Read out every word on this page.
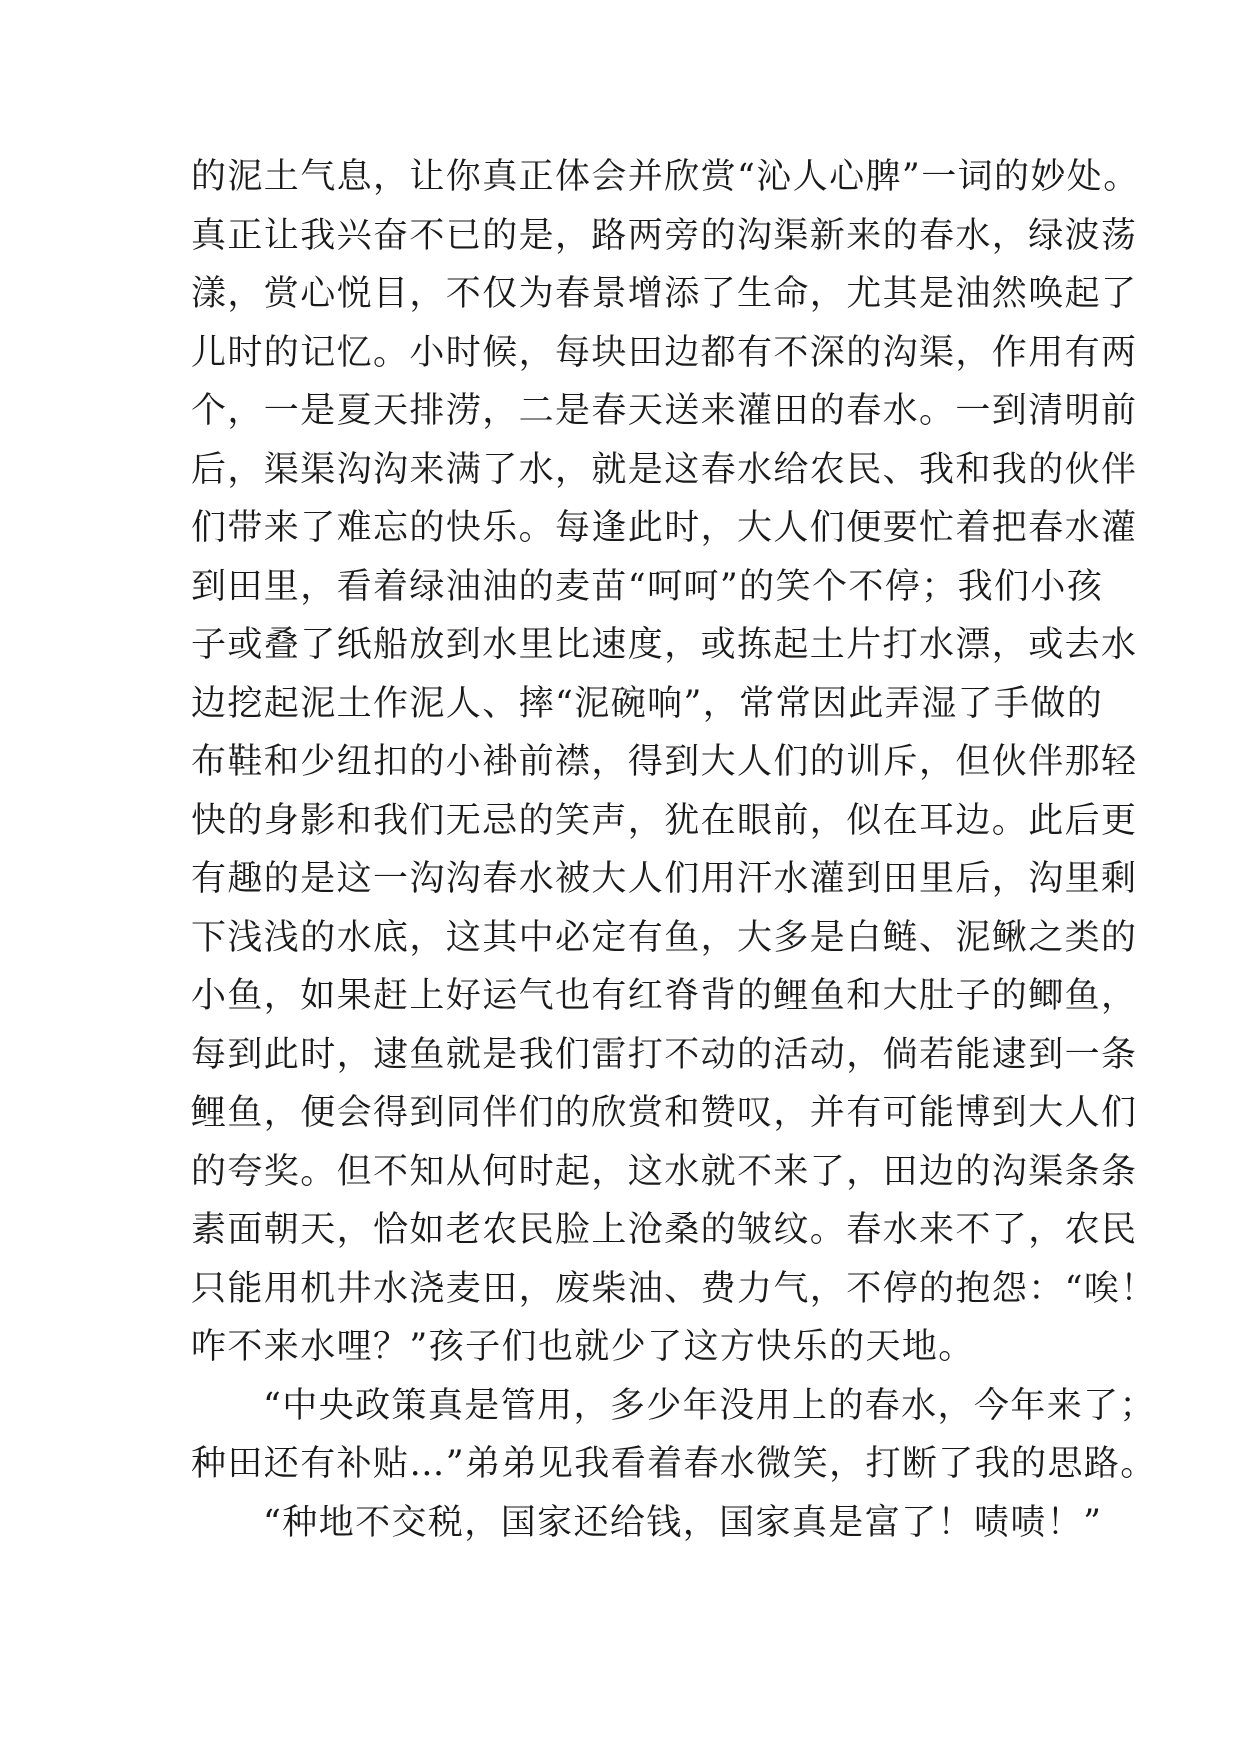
的泥土气息，让你真正体会并欣赏“沁人心脾”一词的妙处。
真正让我兴奋不已的是，路两旁的沟渠新来的春水，绿波荡
漾，赏心悦目，不仅为春景增添了生命，尤其是油然唤起了
儿时的记忆。小时候，每块田边都有不深的沟渠，作用有两
个，一是夏天排涝，二是春天送来灌田的春水。一到清明前
后，渠渠沟沟来满了水，就是这春水给农民、我和我的伙伴
们带来了难忘的快乐。每逢此时，大人们便要忙着把春水灌
到田里，看着绿油油的麦苗“呵呵”的笑个不停；我们小孩
子或叠了纸船放到水里比速度，或拣起土片打水漂，或去水
边挖起泥土作泥人、摔“泥碗响”，常常因此弄湿了手做的
布鞋和少纽扣的小褂前襟，得到大人们的训斥，但伙伴那轻
快的身影和我们无忌的笑声，犹在眼前，似在耳边。此后更
有趣的是这一沟沟春水被大人们用汗水灌到田里后，沟里剩
下浅浅的水底，这其中必定有鱼，大多是白鲢、泥鳅之类的
小鱼，如果赶上好运气也有红脊背的鲤鱼和大肚子的鲫鱼，
每到此时，逮鱼就是我们雷打不动的活动，倘若能逮到一条
鲤鱼，便会得到同伴们的欣赏和赞叹，并有可能博到大人们
的夸奖。但不知从何时起，这水就不来了，田边的沟渠条条
素面朝天，恰如老农民脸上沧桑的皱纹。春水来不了，农民
只能用机井水浇麦田，废柴油、费力气，不停的抱怨：“唉！
咋不来水哩？”孩子们也就少了这方快乐的天地。
“中央政策真是管用，多少年没用上的春水，今年来了；
种田还有补贴…”弟弟见我看着春水微笑，打断了我的思路。
“种地不交税，国家还给钱，国家真是富了！啧啧！”
